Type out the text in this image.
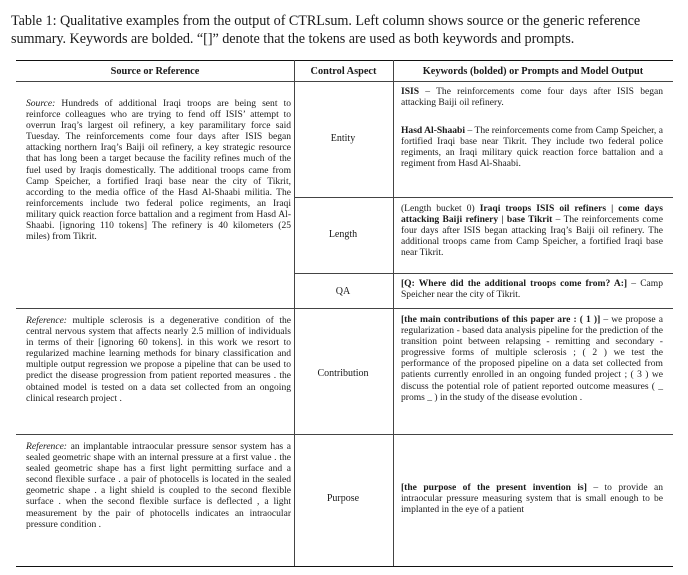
Table 1: Qualitative examples from the output of CTRLsum. Left column shows source or the generic reference summary. Keywords are bolded. “[]” denote that the tokens are used as both keywords and prompts.
Source or Reference	Control Aspect	Keywords (bolded) or Prompts and Model Output

Source: Hundreds of additional Iraqi troops are being sent to reinforce colleagues who are trying to fend off ISIS’ attempt to overrun Iraq’s largest oil refinery, a key paramilitary force said Tuesday. The reinforcements come four days after ISIS began attacking northern Iraq’s Baiji oil refinery, a key strategic resource that has long been a target because the facility refines much of the fuel used by Iraqis domestically. The additional troops came from Camp Speicher, a fortified Iraqi base near the city of Tikrit, according to the media office of the Hasd Al-Shaabi militia. The reinforcements include two federal police regiments, an Iraqi military quick reaction force battalion and a regiment from Hasd Al-Shaabi. [ignoring 110 tokens] The refinery is 40 kilometers (25 miles) from Tikrit.

Entity
ISIS – The reinforcements come four days after ISIS began attacking Baiji oil refinery.
Hasd Al-Shaabi – The reinforcements come from Camp Speicher, a fortified Iraqi base near Tikrit. They include two federal police regiments, an Iraqi military quick reaction force battalion and a regiment from Hasd Al-Shaabi.
Length
(Length bucket 0) Iraqi troops ISIS oil refiners | come days attacking Baiji refinery | base Tikrit – The reinforcements come four days after ISIS began attacking Iraq’s Baiji oil refinery. The additional troops came from Camp Speicher, a fortified Iraqi base near Tikrit.
QA
[Q: Where did the additional troops come from? A:] – Camp Speicher near the city of Tikrit.

Reference: multiple sclerosis is a degenerative condition of the central nervous system that affects nearly 2.5 million of individuals in terms of their [ignoring 60 tokens]. in this work we resort to regularized machine learning methods for binary classification and multiple output regression we propose a pipeline that can be used to predict the disease progression from patient reported measures . the obtained model is tested on a data set collected from an ongoing clinical research project .

Contribution
[the main contributions of this paper are : ( 1 )] – we propose a regularization - based data analysis pipeline for the prediction of the transition point between relapsing - remitting and secondary - progressive forms of multiple sclerosis ; ( 2 ) we test the performance of the proposed pipeline on a data set collected from patients currently enrolled in an ongoing funded project ; ( 3 ) we discuss the potential role of patient reported outcome measures ( _ proms _ ) in the study of the disease evolution .

Reference: an implantable intraocular pressure sensor system has a sealed geometric shape with an internal pressure at a first value . the sealed geometric shape has a first light permitting surface and a second flexible surface . a pair of photocells is located in the sealed geometric shape . a light shield is coupled to the second flexible surface . when the second flexible surface is deflected , a light measurement by the pair of photocells indicates an intraocular pressure condition .

Purpose
[the purpose of the present invention is] – to provide an intraocular pressure measuring system that is small enough to be implanted in the eye of a patient
